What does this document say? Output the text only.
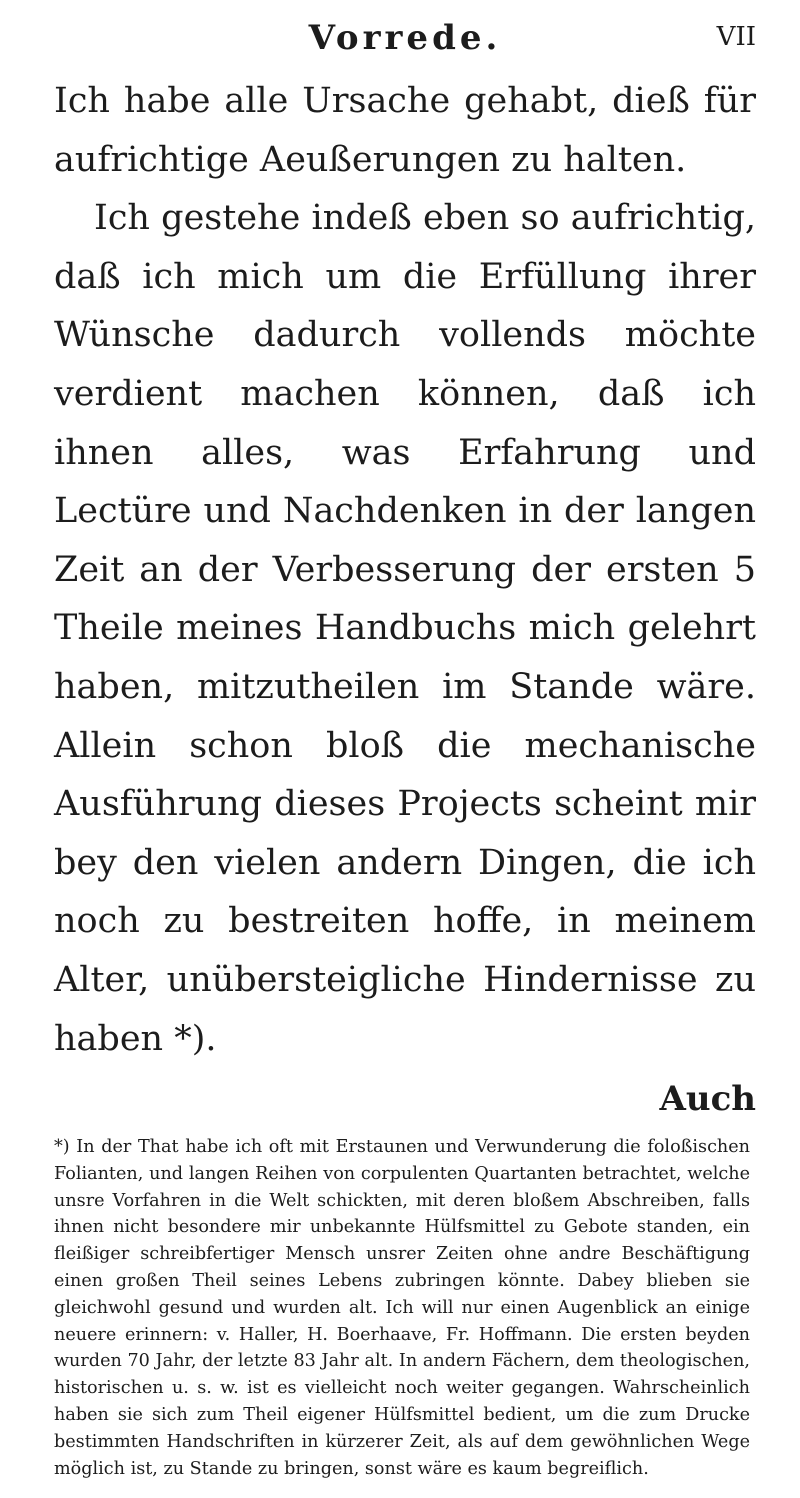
Vorrede.	VII

Ich habe alle Ursache gehabt, dieß für aufrichtige Aeußerungen zu halten.

Ich gestehe indeß eben so aufrichtig, daß ich mich um die Erfüllung ihrer Wünsche dadurch vollends möchte verdient machen können, daß ich ihnen alles, was Erfahrung und Lectüre und Nachdenken in der langen Zeit an der Verbesserung der ersten 5 Theile meines Handbuchs mich gelehrt haben, mitzutheilen im Stande wäre. Allein schon bloß die mechanische Ausführung dieses Projects scheint mir bey den vielen andern Dingen, die ich noch zu bestreiten hoffe, in meinem Alter, unübersteigliche Hindernisse zu haben *).

Auch
*) In der That habe ich oft mit Erstaunen und Verwunderung die foloßischen Folianten, und langen Reihen von corpulenten Quartanten betrachtet, welche unsre Vorfahren in die Welt schickten, mit deren bloßem Abschreiben, falls ihnen nicht besondere mir unbekannte Hülfsmittel zu Gebote standen, ein fleißiger schreibfertiger Mensch unsrer Zeiten ohne andre Beschäftigung einen großen Theil seines Lebens zubringen könnte. Dabey blieben sie gleichwohl gesund und wurden alt. Ich will nur einen Augenblick an einige neuere erinnern: v. Haller, H. Boerhaave, Fr. Hoffmann. Die ersten beyden wurden 70 Jahr, der letzte 83 Jahr alt. In andern Fächern, dem theologischen, historischen u. s. w. ist es vielleicht noch weiter gegangen. Wahrscheinlich haben sie sich zum Theil eigener Hülfsmittel bedient, um die zum Drucke bestimmten Handschriften in kürzerer Zeit, als auf dem gewöhnlichen Wege möglich ist, zu Stande zu bringen, sonst wäre es kaum begreiflich.
